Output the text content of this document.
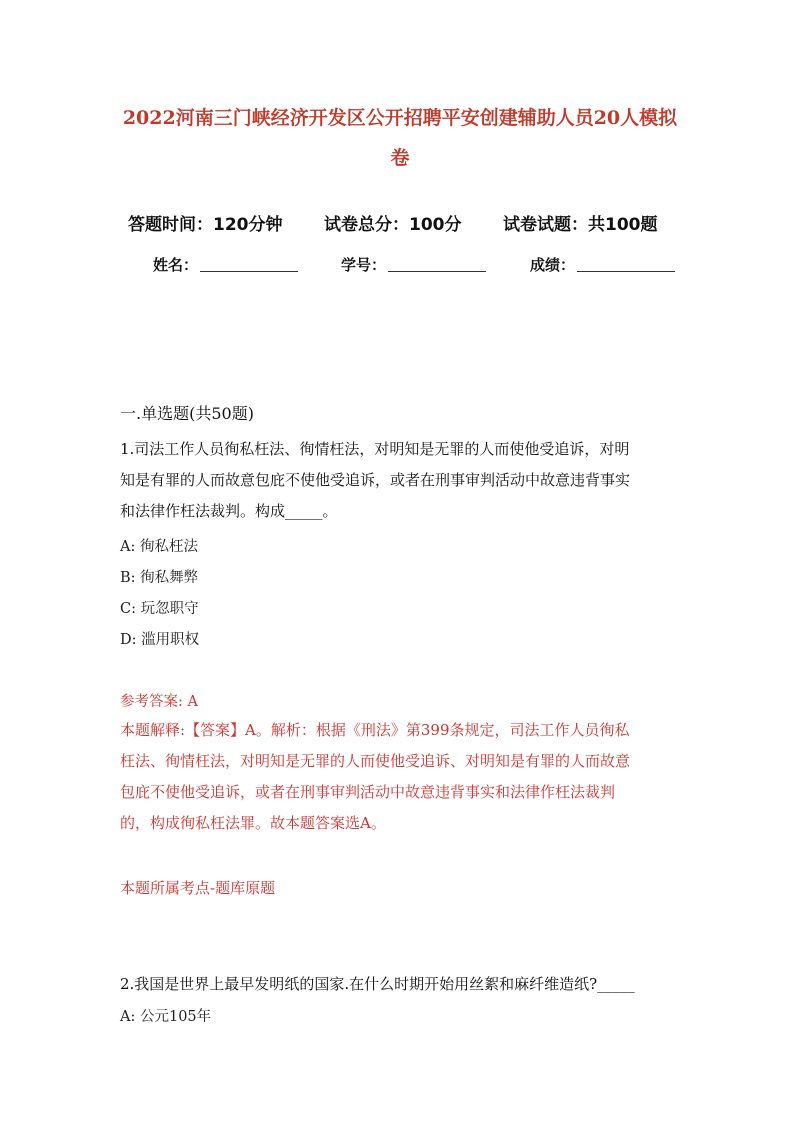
2022河南三门峡经济开发区公开招聘平安创建辅助人员20人模拟
卷
答题时间：120分钟 试卷总分：100分 试卷试题：共100题
姓名：	学号：	成绩：
一.单选题(共50题)
1.司法工作人员徇私枉法、徇情枉法，对明知是无罪的人而使他受追诉，对明
知是有罪的人而故意包庇不使他受追诉，或者在刑事审判活动中故意违背事实
和法律作枉法裁判。构成_____。
A: 徇私枉法
B: 徇私舞弊
C: 玩忽职守
D: 滥用职权
参考答案: A
本题解释:【答案】A。解析：根据《刑法》第399条规定，司法工作人员徇私
枉法、徇情枉法，对明知是无罪的人而使他受追诉、对明知是有罪的人而故意
包庇不使他受追诉，或者在刑事审判活动中故意违背事实和法律作枉法裁判
的，构成徇私枉法罪。故本题答案选A。
本题所属考点-题库原题
2.我国是世界上最早发明纸的国家.在什么时期开始用丝絮和麻纤维造纸?_____
A: 公元105年
